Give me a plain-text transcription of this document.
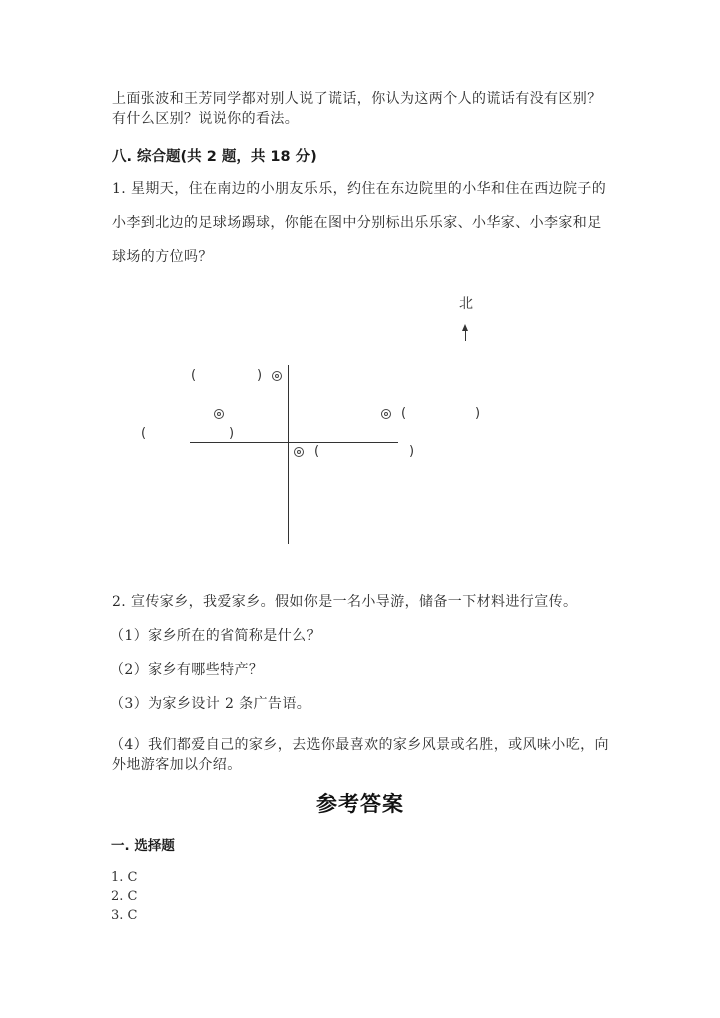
上面张波和王芳同学都对别人说了谎话，你认为这两个人的谎话有没有区别？
有什么区别？说说你的看法。
八. 综合题(共 2 题，共 18 分)
1. 星期天，住在南边的小朋友乐乐，约住在东边院里的小华和住在西边院子的
小李到北边的足球场踢球，你能在图中分别标出乐乐家、小华家、小李家和足
球场的方位吗？
北
(	)
(	)
(	)
(	)
2. 宣传家乡，我爱家乡。假如你是一名小导游，储备一下材料进行宣传。
（1）家乡所在的省简称是什么？
（2）家乡有哪些特产？
（3）为家乡设计 2 条广告语。
（4）我们都爱自己的家乡，去选你最喜欢的家乡风景或名胜，或风味小吃，向
外地游客加以介绍。
参考答案
一. 选择题
1. C
2. C
3. C
